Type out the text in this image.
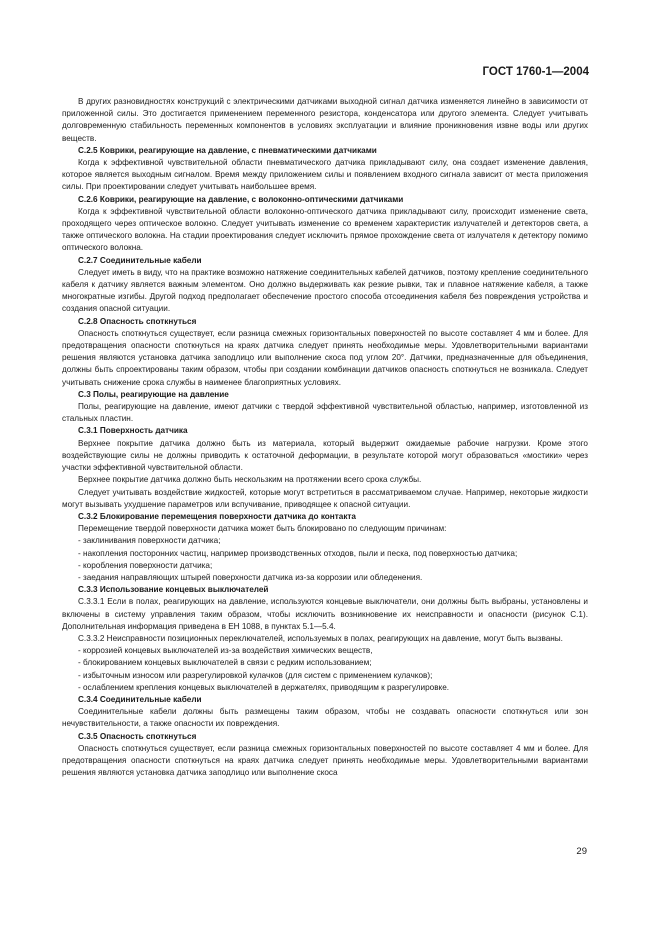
ГОСТ 1760-1—2004

В других разновидностях конструкций с электрическими датчиками выходной сигнал датчика изменяется линейно в зависимости от приложенной силы. Это достигается применением переменного резистора, конденсатора или другого элемента. Следует учитывать долговременную стабильность переменных компонентов в условиях эксплуатации и влияние проникновения извне воды или других веществ.

С.2.5 Коврики, реагирующие на давление, с пневматическими датчиками

Когда к эффективной чувствительной области пневматического датчика прикладывают силу, она создает изменение давления, которое является выходным сигналом. Время между приложением силы и появлением входного сигнала зависит от места приложения силы. При проектировании следует учитывать наибольшее время.

С.2.6 Коврики, реагирующие на давление, с волоконно-оптическими датчиками

Когда к эффективной чувствительной области волоконно-оптического датчика прикладывают силу, происходит изменение света, проходящего через оптическое волокно. Следует учитывать изменение со временем характеристик излучателей и детекторов света, а также оптического волокна. На стадии проектирования следует исключить прямое прохождение света от излучателя к детектору помимо оптического волокна.

С.2.7 Соединительные кабели

Следует иметь в виду, что на практике возможно натяжение соединительных кабелей датчиков, поэтому крепление соединительного кабеля к датчику является важным элементом. Оно должно выдерживать как резкие рывки, так и плавное натяжение кабеля, а также многократные изгибы. Другой подход предполагает обеспечение простого способа отсоединения кабеля без повреждения устройства и создания опасной ситуации.

С.2.8 Опасность споткнуться

Опасность споткнуться существует, если разница смежных горизонтальных поверхностей по высоте составляет 4 мм и более. Для предотвращения опасности споткнуться на краях датчика следует принять необходимые меры. Удовлетворительными вариантами решения являются установка датчика заподлицо или выполнение скоса под углом 20°. Датчики, предназначенные для объединения, должны быть спроектированы таким образом, чтобы при создании комбинации датчиков опасность споткнуться не возникала. Следует учитывать снижение срока службы в наименее благоприятных условиях.

С.3 Полы, реагирующие на давление

Полы, реагирующие на давление, имеют датчики с твердой эффективной чувствительной областью, например, изготовленной из стальных пластин.

С.3.1 Поверхность датчика

Верхнее покрытие датчика должно быть из материала, который выдержит ожидаемые рабочие нагрузки. Кроме этого воздействующие силы не должны приводить к остаточной деформации, в результате которой могут образоваться «мостики» через участки эффективной чувствительной области.

Верхнее покрытие датчика должно быть нескользким на протяжении всего срока службы.

Следует учитывать воздействие жидкостей, которые могут встретиться в рассматриваемом случае. Например, некоторые жидкости могут вызывать ухудшение параметров или вспучивание, приводящее к опасной ситуации.

С.3.2 Блокирование перемещения поверхности датчика до контакта

Перемещение твердой поверхности датчика может быть блокировано по следующим причинам:

- заклинивания поверхности датчика;

- накопления посторонних частиц, например производственных отходов, пыли и песка, под поверхностью датчика;

- коробления поверхности датчика;

- заедания направляющих штырей поверхности датчика из-за коррозии или обледенения.

С.3.3 Использование концевых выключателей

С.3.3.1 Если в полах, реагирующих на давление, используются концевые выключатели, они должны быть выбраны, установлены и включены в систему управления таким образом, чтобы исключить возникновение их неисправности и опасности (рисунок С.1). Дополнительная информация приведена в ЕН 1088, в пунктах 5.1—5.4.

С.3.3.2 Неисправности позиционных переключателей, используемых в полах, реагирующих на давление, могут быть вызваны.

- коррозией концевых выключателей из-за воздействия химических веществ,

- блокированием концевых выключателей в связи с редким использованием;

- избыточным износом или разрегулировкой кулачков (для систем с применением кулачков);

- ослаблением крепления концевых выключателей в держателях, приводящим к разрегулировке.

С.3.4 Соединительные кабели

Соединительные кабели должны быть размещены таким образом, чтобы не создавать опасности споткнуться или зон нечувствительности, а также опасности их повреждения.

С.3.5 Опасность споткнуться

Опасность споткнуться существует, если разница смежных горизонтальных поверхностей по высоте составляет 4 мм и более. Для предотвращения опасности споткнуться на краях датчика следует принять необходимые меры. Удовлетворительными вариантами решения являются установка датчика заподлицо или выполнение скоса

29
